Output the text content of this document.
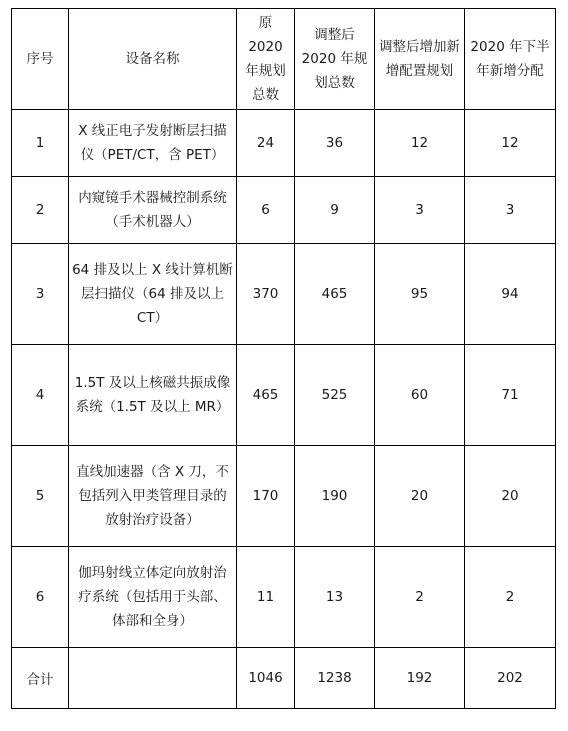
序号	设备名称	原 2020 年规划总数	调整后 2020 年规划总数	调整后增加新增配置规划	2020 年下半年新增分配
1	X 线正电子发射断层扫描仪（PET/CT，含 PET）	24	36	12	12
2	内窥镜手术器械控制系统（手术机器人）	6	9	3	3
3	64 排及以上 X 线计算机断层扫描仪（64 排及以上 CT）	370	465	95	94
4	1.5T 及以上核磁共振成像系统（1.5T 及以上 MR）	465	525	60	71
5	直线加速器（含 X 刀，不包括列入甲类管理目录的放射治疗设备）	170	190	20	20
6	伽玛射线立体定向放射治疗系统（包括用于头部、体部和全身）	11	13	2	2
合计		1046	1238	192	202
